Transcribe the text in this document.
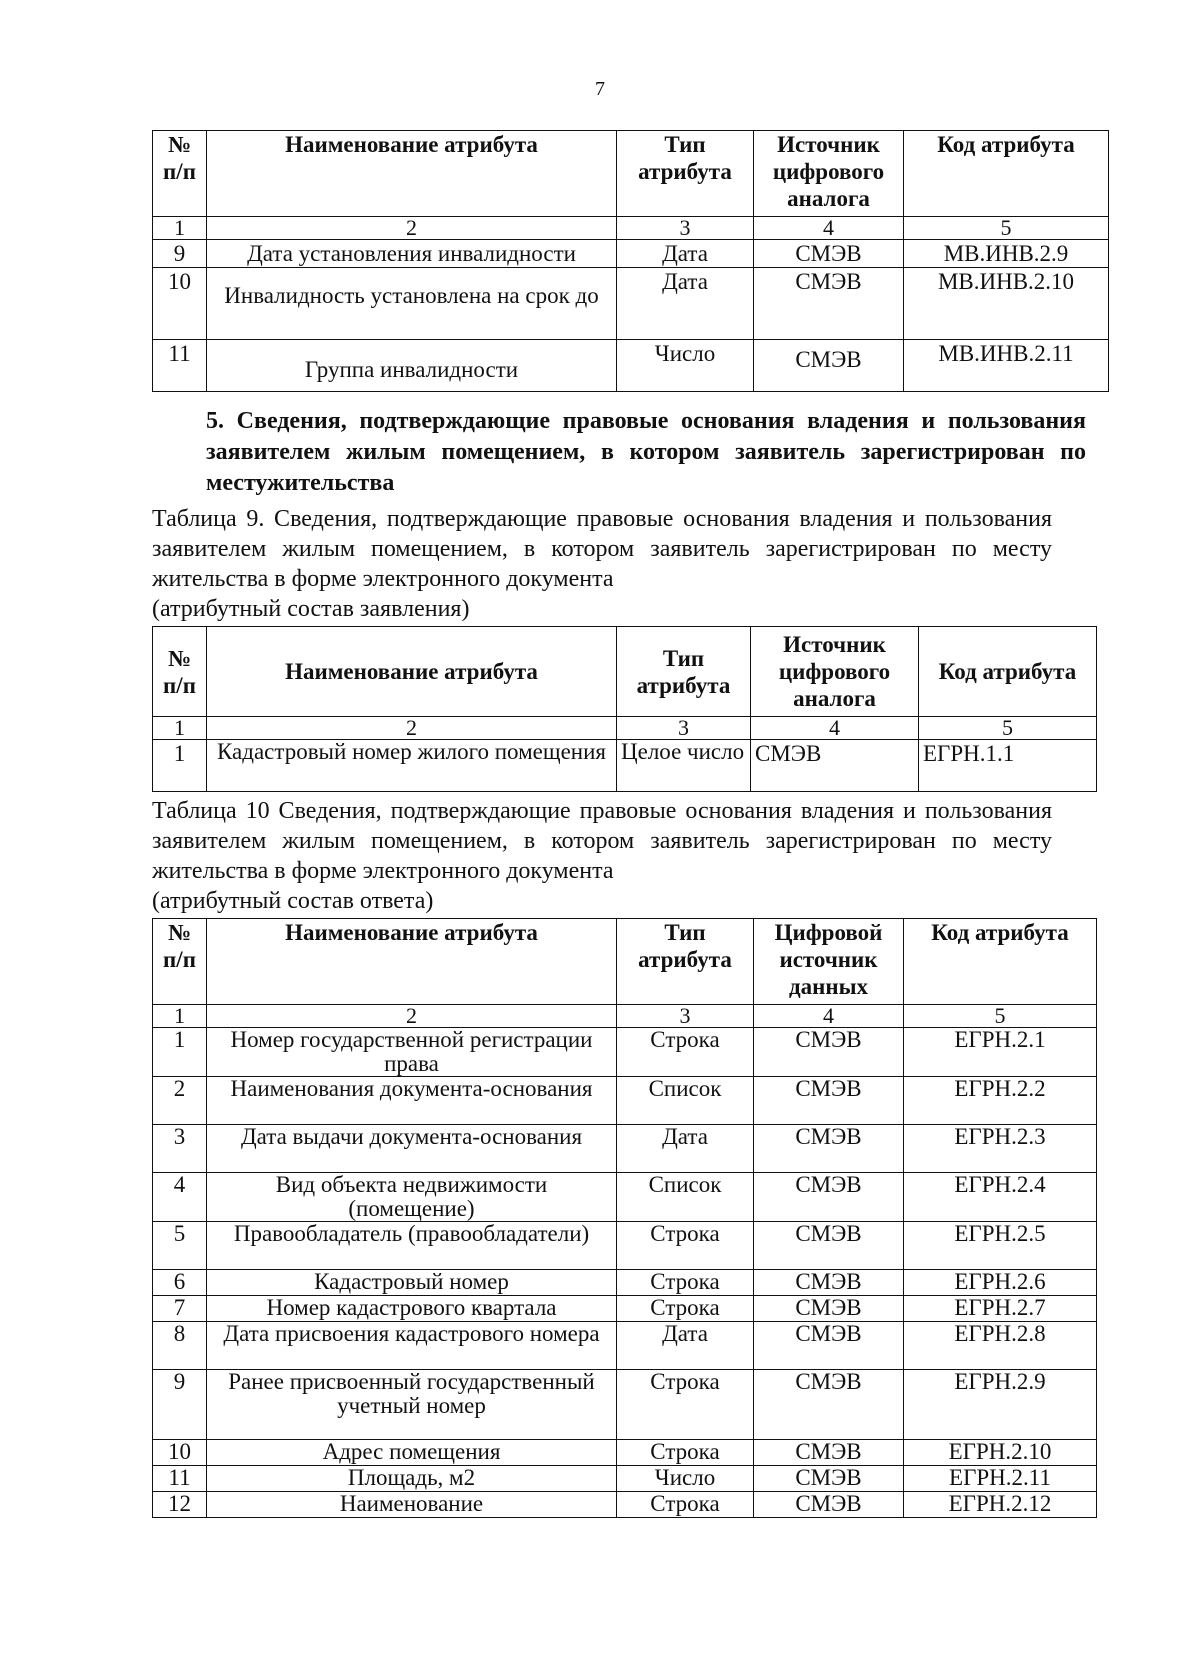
7
№ п/п	Наименование атрибута	Тип атрибута	Источник цифрового аналога	Код атрибута
1	2	3	4	5
9	Дата установления инвалидности	Дата	СМЭВ	МВ.ИНВ.2.9
10	Инвалидность установлена на срок до	Дата	СМЭВ	МВ.ИНВ.2.10
11	Группа инвалидности	Число	СМЭВ	МВ.ИНВ.2.11
5. Сведения, подтверждающие правовые основания владения и пользования заявителем жилым помещением, в котором заявитель зарегистрирован по местужительства
Таблица 9. Сведения, подтверждающие правовые основания владения и пользования заявителем жилым помещением, в котором заявитель зарегистрирован по месту жительства в форме электронного документа
(атрибутный состав заявления)
№ п/п	Наименование атрибута	Тип атрибута	Источник цифрового аналога	Код атрибута
1	2	3	4	5
1	Кадастровый номер жилого помещения	Целое число	СМЭВ	ЕГРН.1.1
Таблица 10 Сведения, подтверждающие правовые основания владения и пользования заявителем жилым помещением, в котором заявитель зарегистрирован по месту жительства в форме электронного документа
(атрибутный состав ответа)
№ п/п	Наименование атрибута	Тип атрибута	Цифровой источник данных	Код атрибута
1	2	3	4	5
1	Номер государственной регистрации права	Строка	СМЭВ	ЕГРН.2.1
2	Наименования документа-основания	Список	СМЭВ	ЕГРН.2.2
3	Дата выдачи документа-основания	Дата	СМЭВ	ЕГРН.2.3
4	Вид объекта недвижимости (помещение)	Список	СМЭВ	ЕГРН.2.4
5	Правообладатель (правообладатели)	Строка	СМЭВ	ЕГРН.2.5
6	Кадастровый номер	Строка	СМЭВ	ЕГРН.2.6
7	Номер кадастрового квартала	Строка	СМЭВ	ЕГРН.2.7
8	Дата присвоения кадастрового номера	Дата	СМЭВ	ЕГРН.2.8
9	Ранее присвоенный государственный учетный номер	Строка	СМЭВ	ЕГРН.2.9
10	Адрес помещения	Строка	СМЭВ	ЕГРН.2.10
11	Площадь, м2	Число	СМЭВ	ЕГРН.2.11
12	Наименование	Строка	СМЭВ	ЕГРН.2.12
